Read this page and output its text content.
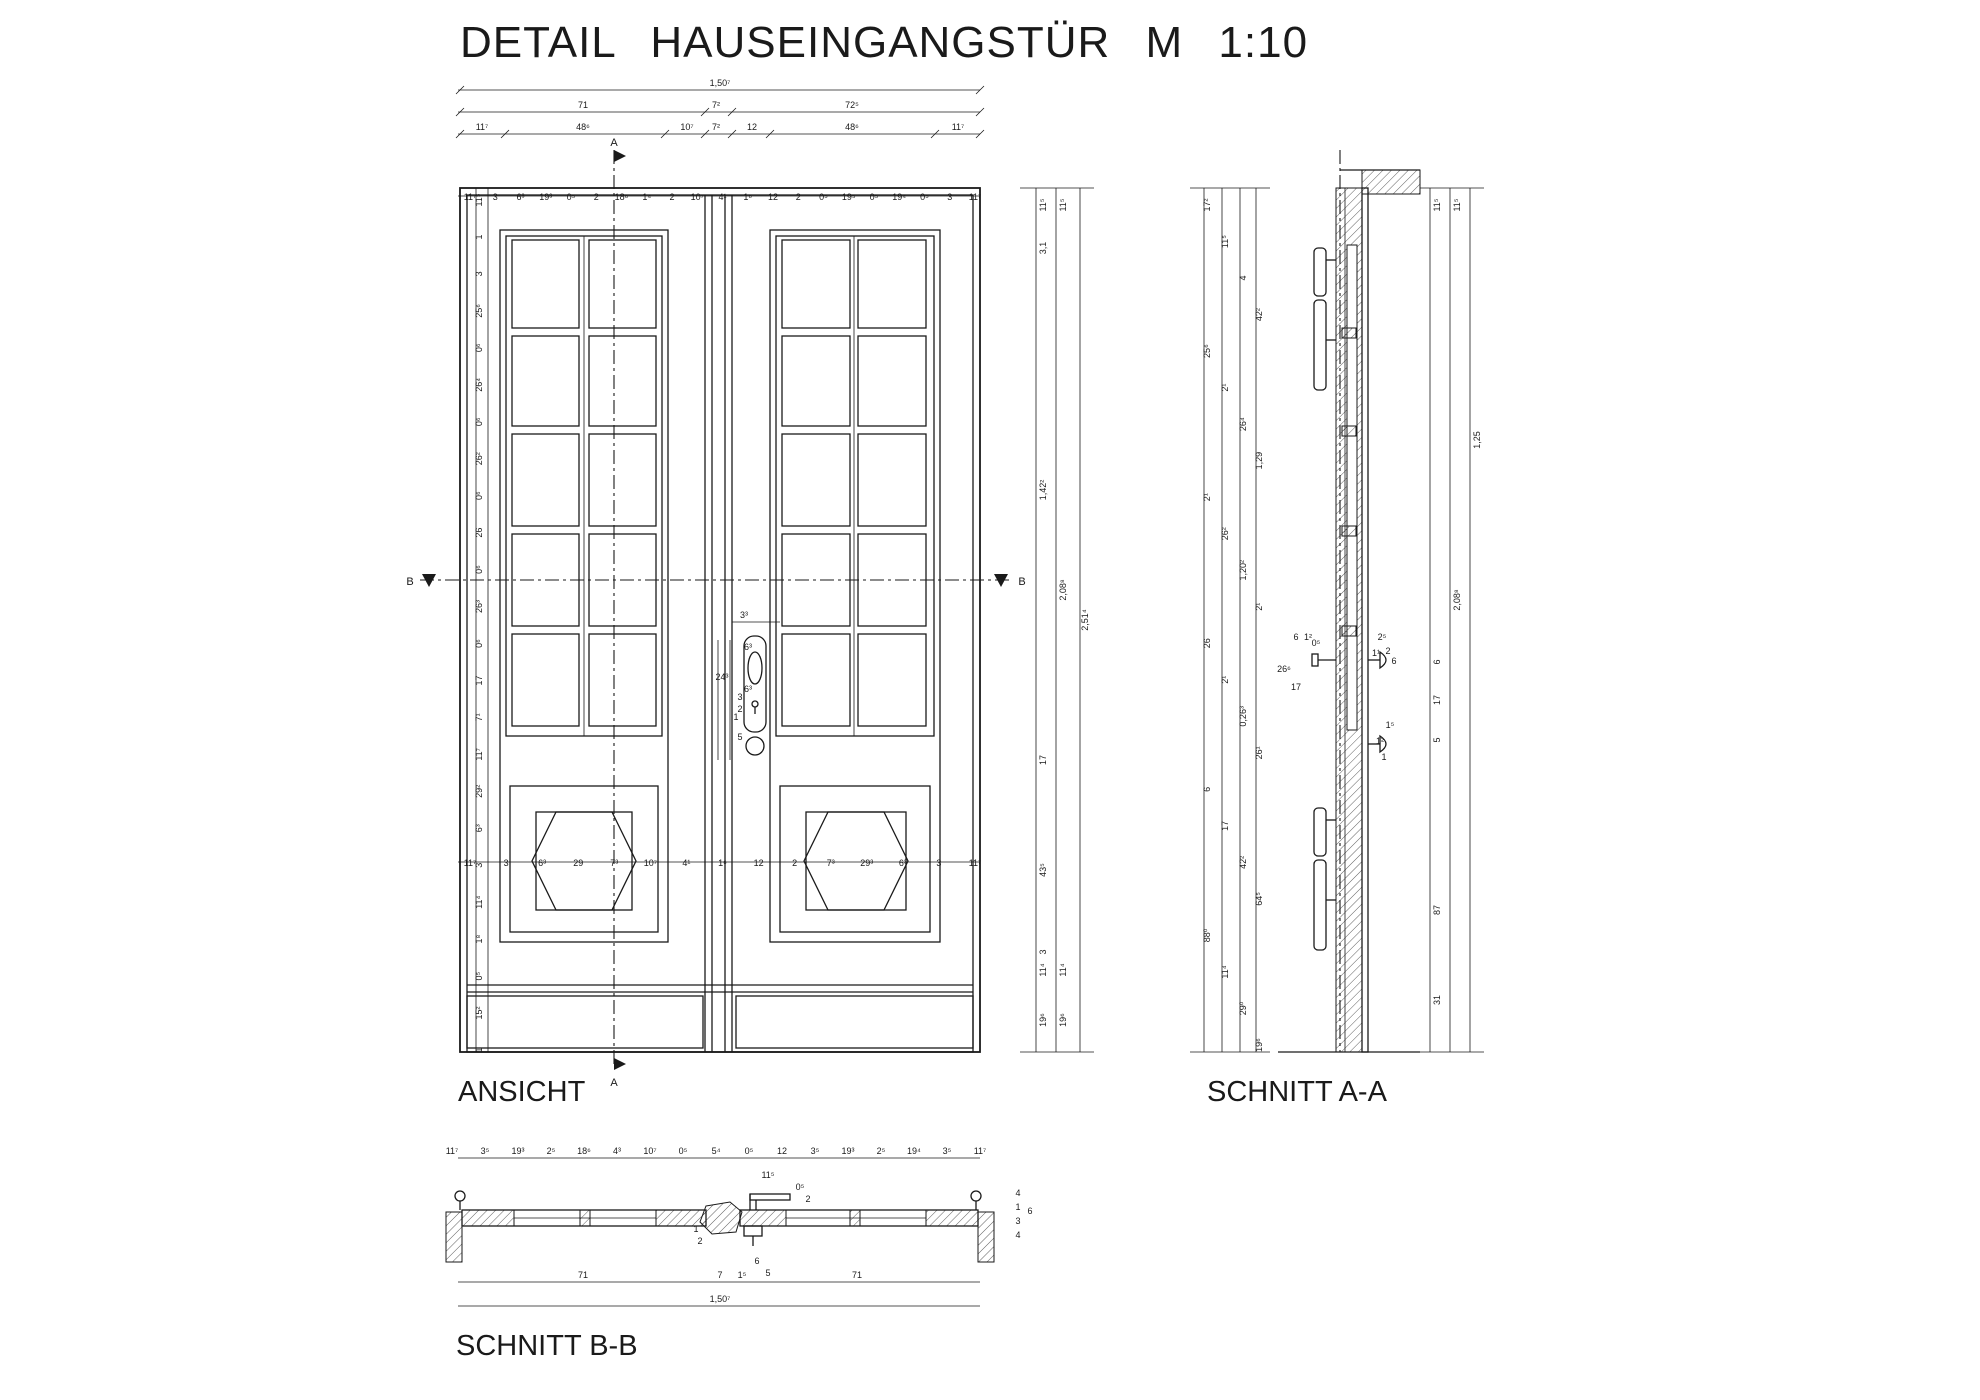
DETAIL HAUSEINGANGSTÜR M 1:10
ANSICHT	SCHNITT A-A
SCHNITT B-B
A
A
B	B
1,50⁷
71	7²	72⁵
11⁷	48⁶	10⁷ 7²	12	48⁶	11⁷
11⁷ 3 6³ 19³ 0⁵ 2 18⁶ 1⁴ 2 10⁷ 4¹ 1⁶ 12 2 0⁵ 19⁵ 0⁵ 19⁴ 0⁵ 3 11⁷
11⁷	3	6³	29	7³	10⁷	4¹	1⁶	12	2	7³	29³	6³	3	11⁷
11⁵
1
3
25⁶
0⁶
26⁴
0⁶
26²
0⁶
26
0⁶
26³
0⁶
17
7¹
11⁷
29²
6³
3
11⁴
1⁸
0⁵
15²
1
11⁵ 11⁵
3,1
1,42²
2,08⁸
2,51⁴
17
43⁵
3
11⁴ 11⁴
19⁶ 19⁶
3³
6³
24³
3
6³
2
1
5
17²
11⁵
4
42²
25⁶
2¹
26⁴
1,29
2¹
26²
1,20²
2¹
26
2¹
0,26³
26¹
6
17
42²
64⁵
88⁰
11⁴
29⁰
19⁶
11⁵ 11⁵
1,25
2,08⁸
6
17
5
87
31
26⁶
6 1²
17
2⁵
1¹ 2
6
0⁵
1⁵
1²
1
11⁷ 3⁵ 19³ 2⁵ 18⁶ 4³ 10⁷ 0⁵	5⁴	0⁵	12	3⁵ 19³ 2⁵ 19⁴ 3⁵ 11⁷
11⁵
0⁵
2
6
5
2
1
4
1
3
4
6
71	7 1⁵	71
1,50⁷
